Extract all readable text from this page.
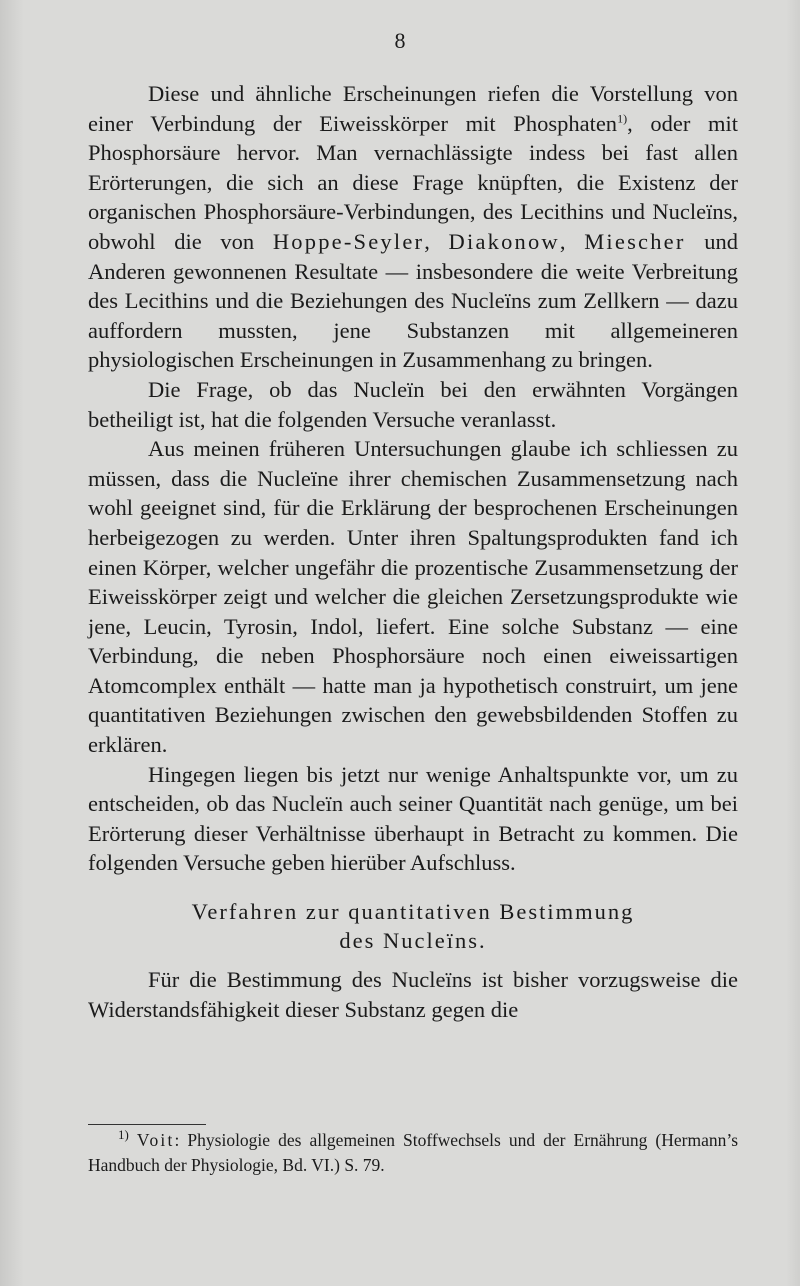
8

Diese und ähnliche Erscheinungen riefen die Vorstellung von einer Verbindung der Eiweisskörper mit Phosphaten$^{1)}$, oder mit Phosphorsäure hervor. Man vernachlässigte indess bei fast allen Erörterungen, die sich an diese Frage knüpften, die Existenz der organischen Phosphorsäure-Verbindungen, des Lecithins und Nucleïns, obwohl die von Hoppe-Seyler, Diakonow, Miescher und Anderen gewonnenen Resultate — insbesondere die weite Verbreitung des Lecithins und die Beziehungen des Nucleïns zum Zellkern — dazu auffordern mussten, jene Substanzen mit allgemeineren physiologischen Erscheinungen in Zusammenhang zu bringen.

Die Frage, ob das Nucleïn bei den erwähnten Vorgängen betheiligt ist, hat die folgenden Versuche veranlasst.

Aus meinen früheren Untersuchungen glaube ich schliessen zu müssen, dass die Nucleïne ihrer chemischen Zusammensetzung nach wohl geeignet sind, für die Erklärung der besprochenen Erscheinungen herbeigezogen zu werden. Unter ihren Spaltungsprodukten fand ich einen Körper, welcher ungefähr die prozentische Zusammensetzung der Eiweisskörper zeigt und welcher die gleichen Zersetzungsprodukte wie jene, Leucin, Tyrosin, Indol, liefert. Eine solche Substanz — eine Verbindung, die neben Phosphorsäure noch einen eiweissartigen Atomcomplex enthält — hatte man ja hypothetisch construirt, um jene quantitativen Beziehungen zwischen den gewebsbildenden Stoffen zu erklären.

Hingegen liegen bis jetzt nur wenige Anhaltspunkte vor, um zu entscheiden, ob das Nucleïn auch seiner Quantität nach genüge, um bei Erörterung dieser Verhältnisse überhaupt in Betracht zu kommen. Die folgenden Versuche geben hierüber Aufschluss.

Verfahren zur quantitativen Bestimmung
des Nucleïns.

Für die Bestimmung des Nucleïns ist bisher vorzugsweise die Widerstandsfähigkeit dieser Substanz gegen die

$^{1)}$ Voit: Physiologie des allgemeinen Stoffwechsels und der Ernährung (Hermann’s Handbuch der Physiologie, Bd. VI.) S. 79.
